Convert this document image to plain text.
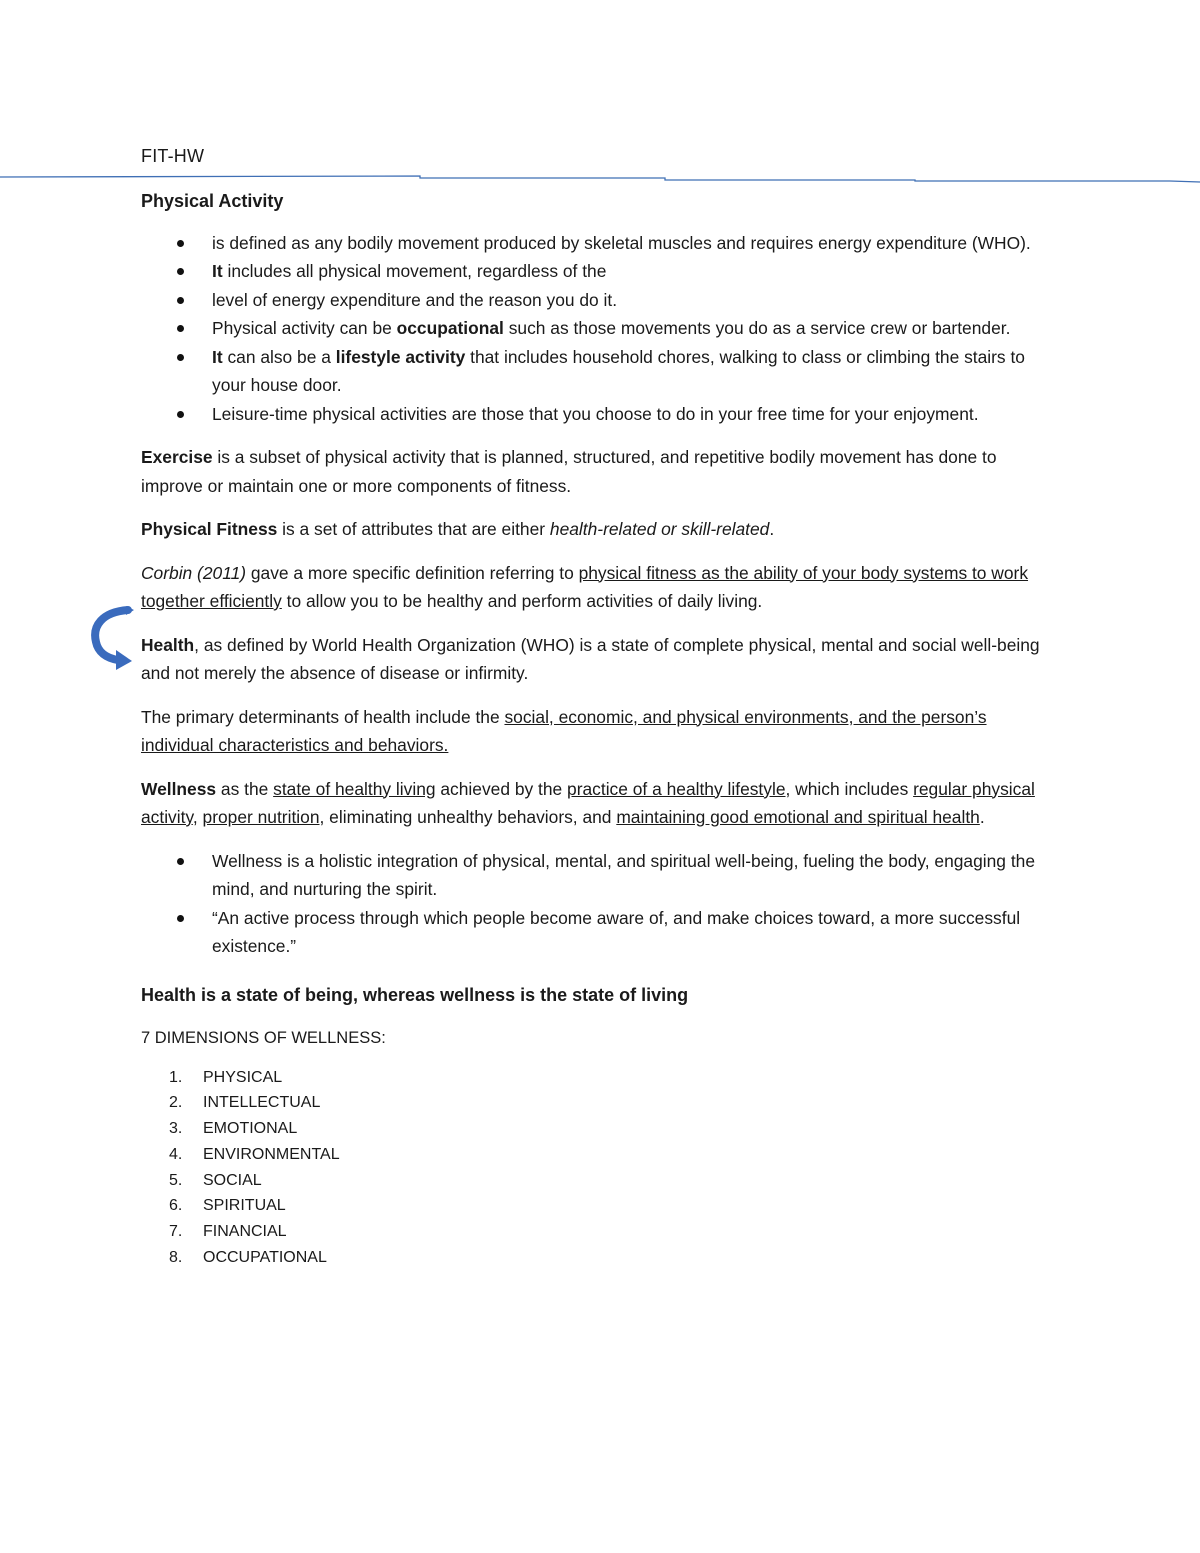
FIT-HW
Physical Activity
is defined as any bodily movement produced by skeletal muscles and requires energy expenditure (WHO).
It includes all physical movement, regardless of the
level of energy expenditure and the reason you do it.
Physical activity can be occupational such as those movements you do as a service crew or bartender.
It can also be a lifestyle activity that includes household chores, walking to class or climbing the stairs to your house door.
Leisure-time physical activities are those that you choose to do in your free time for your enjoyment.

Exercise is a subset of physical activity that is planned, structured, and repetitive bodily movement has done to improve or maintain one or more components of fitness.

Physical Fitness is a set of attributes that are either health-related or skill-related.

Corbin (2011) gave a more specific definition referring to physical fitness as the ability of your body systems to work together efficiently to allow you to be healthy and perform activities of daily living.

Health, as defined by World Health Organization (WHO) is a state of complete physical, mental and social well-being and not merely the absence of disease or infirmity.

The primary determinants of health include the social, economic, and physical environments, and the person’s individual characteristics and behaviors.

Wellness as the state of healthy living achieved by the practice of a healthy lifestyle, which includes regular physical activity, proper nutrition, eliminating unhealthy behaviors, and maintaining good emotional and spiritual health.

Wellness is a holistic integration of physical, mental, and spiritual well-being, fueling the body, engaging the mind, and nurturing the spirit.
“An active process through which people become aware of, and make choices toward, a more successful existence.”
Health is a state of being, whereas wellness is the state of living
7 DIMENSIONS OF WELLNESS:
1. PHYSICAL
2. INTELLECTUAL
3. EMOTIONAL
4. ENVIRONMENTAL
5. SOCIAL
6. SPIRITUAL
7. FINANCIAL
8. OCCUPATIONAL
